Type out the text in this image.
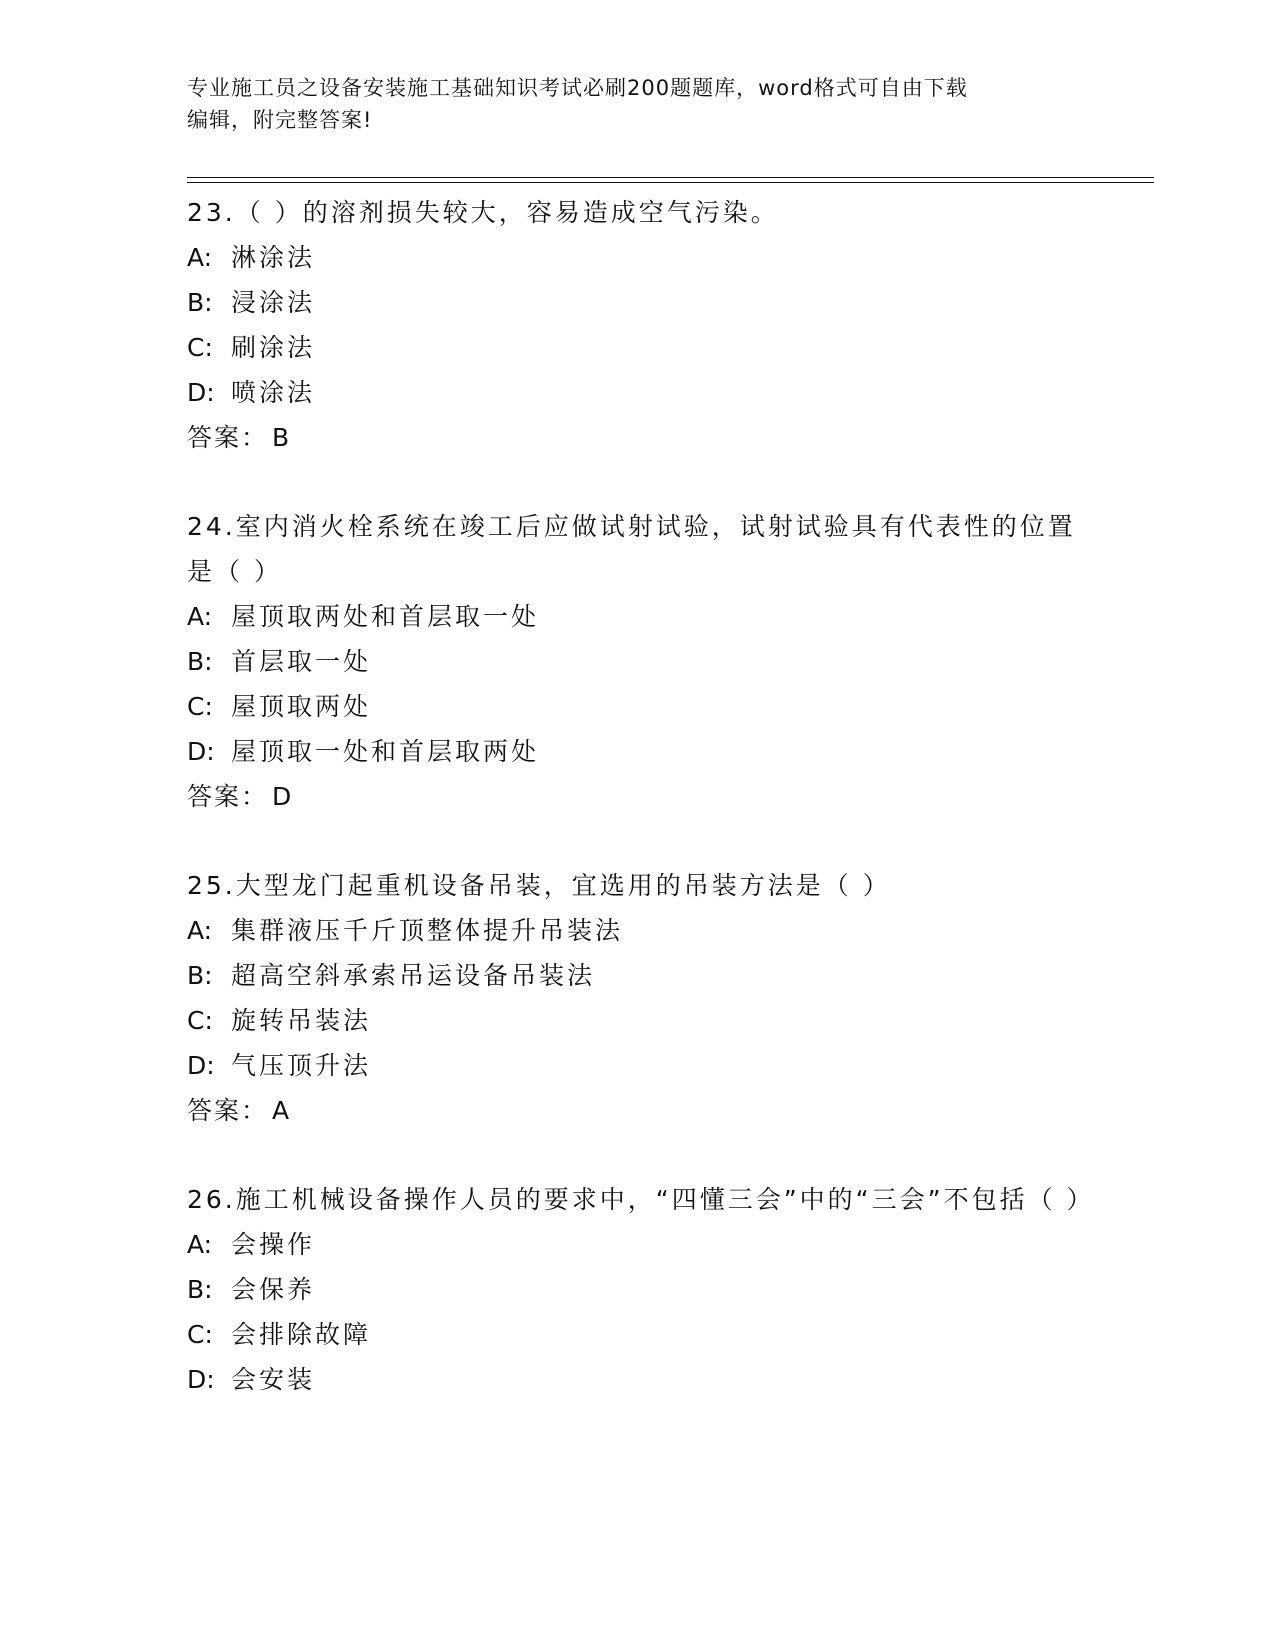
专业施工员之设备安装施工基础知识考试必刷200题题库，word格式可自由下载
编辑，附完整答案!

23.（ ）的溶剂损失较大，容易造成空气污染。

A: 淋涂法
B: 浸涂法
C: 刷涂法
D: 喷涂法
答案 ： B

24.室内消火栓系统在竣工后应做试射试验，试射试验具有代表性的位置是（ ）

A: 屋顶取两处和首层取一处
B: 首层取一处
C: 屋顶取两处
D: 屋顶取一处和首层取两处
答案 ： D

25.大型龙门起重机设备吊装，宜选用的吊装方法是（ ）

A: 集群液压千斤顶整体提升吊装法
B: 超高空斜承索吊运设备吊装法
C: 旋转吊装法
D: 气压顶升法
答案 ： A

26.施工机械设备操作人员的要求中，“四懂三会”中的“三会”不包括（ ）

A: 会操作
B: 会保养
C: 会排除故障
D: 会安装
